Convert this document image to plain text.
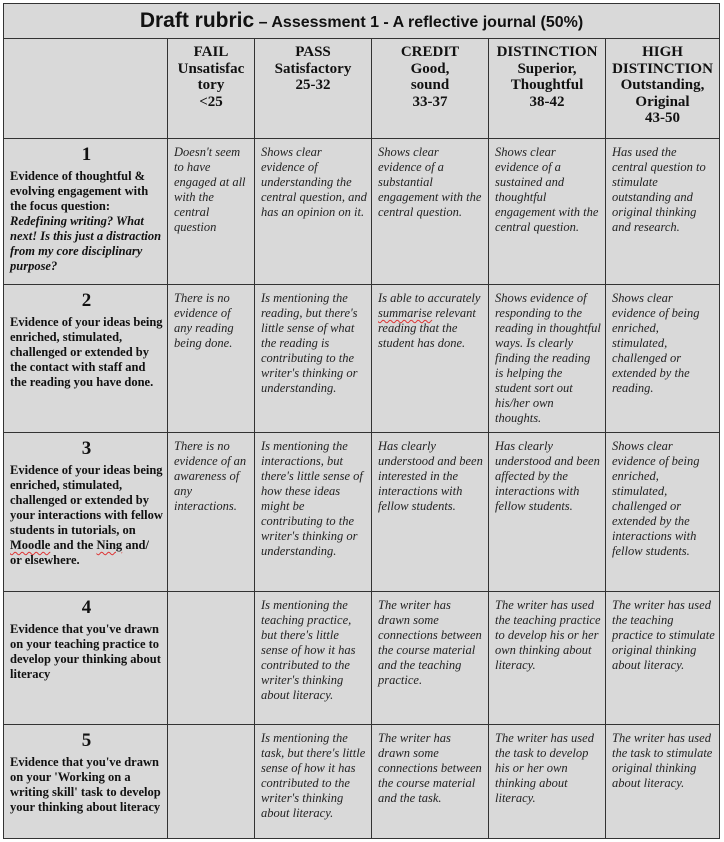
Draft rubric – Assessment 1 - A reflective journal (50%)					

	FAIL
Unsatisfac
tory
<25	PASS
Satisfactory
25-32	CREDIT
Good,
sound
33-37	DISTINCTION
Superior,
Thoughtful
38-42	HIGH
DISTINCTION
Outstanding,
Original
43-50

1
Evidence of thoughtful & evolving engagement with the focus question:
Redefining writing? What next! Is this just a distraction from my core disciplinary purpose?	Doesn't seem to have engaged at all with the central question	Shows clear evidence of understanding the central question, and has an opinion on it.	Shows clear evidence of a substantial engagement with the central question.	Shows clear evidence of a sustained and thoughtful engagement with the central question.	Has used the central question to stimulate outstanding and original thinking and research.

2
Evidence of your ideas being enriched, stimulated, challenged or extended by the contact with staff and the reading you have done.	There is no evidence of any reading being done.	Is mentioning the reading, but there's little sense of what the reading is contributing to the writer's thinking or understanding.	Is able to accurately summarise relevant reading that the student has done.	Shows evidence of responding to the reading in thoughtful ways. Is clearly finding the reading is helping the student sort out his/her own thoughts.	Shows clear evidence of being enriched, stimulated, challenged or extended by the reading.

3
Evidence of your ideas being enriched, stimulated, challenged or extended by your interactions with fellow students in tutorials, on Moodle and the Ning and/ or elsewhere.	There is no evidence of an awareness of any interactions.	Is mentioning the interactions, but there's little sense of how these ideas might be contributing to the writer's thinking or understanding.	Has clearly understood and been interested in the interactions with fellow students.	Has clearly understood and been affected by the interactions with fellow students.	Shows clear evidence of being enriched, stimulated, challenged or extended by the interactions with fellow students.

4
Evidence that you've drawn on your teaching practice to develop your thinking about literacy		Is mentioning the teaching practice, but there's little sense of how it has contributed to the writer's thinking about literacy.	The writer has drawn some connections between the course material and the teaching practice.	The writer has used the teaching practice to develop his or her own thinking about literacy.	The writer has used the teaching practice to stimulate original thinking about literacy.

5
Evidence that you've drawn on your 'Working on a writing skill' task to develop your thinking about literacy		Is mentioning the task, but there's little sense of how it has contributed to the writer's thinking about literacy.	The writer has drawn some connections between the course material and the task.	The writer has used the task to develop his or her own thinking about literacy.	The writer has used the task to stimulate original thinking about literacy.
